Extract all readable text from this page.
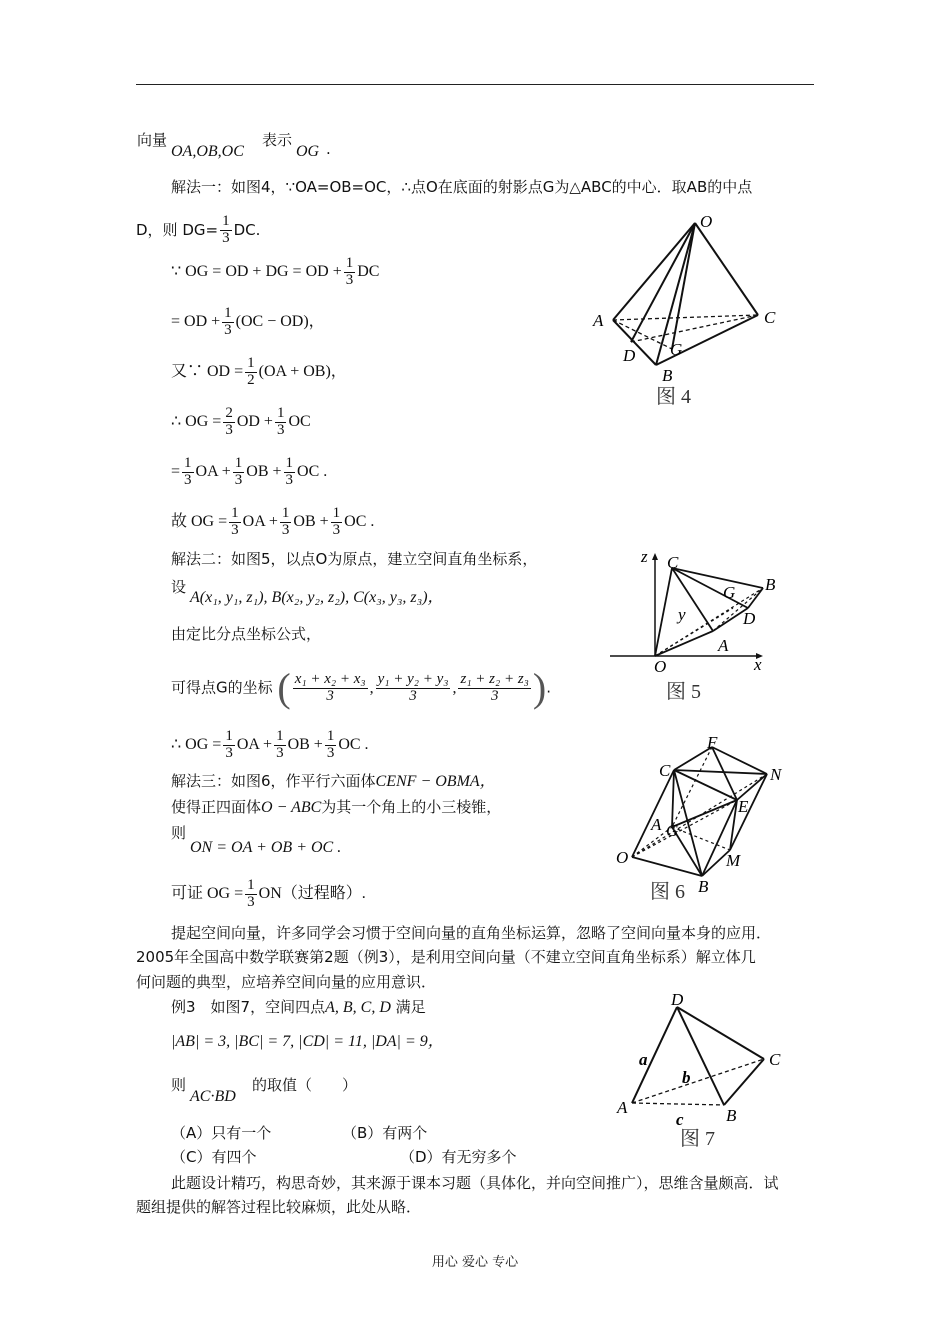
向量
OA,OB,OC
表示
OG .
解法一：如图4，∵OA=OB=OC，∴点O在底面的射影点G为△ABC的中心．取AB的中点
D，则 $DG= \frac{1}{3}$ DC.
∵ OG = OD + DG = OD + $\frac{1}{3}$ DC
= OD + $\frac{1}{3} (OC - OD)$，
又∵ OD = $\frac{1}{2} (OA + OB)$，
∴ OG = $\frac{2}{3}$ OD + $\frac{1}{3}$ OC
= $\frac{1}{3}$ OA + $\frac{1}{3}$ OB + $\frac{1}{3}$ OC .
故 OG = $\frac{1}{3}$ OA + $\frac{1}{3}$ OB + $\frac{1}{3}$ OC .
解法二：如图5，以点O为原点，建立空间直角坐标系，
设
A(x₁, y₁, z₁), B(x₂, y₂, z₂), C(x₃, y₃, z₃)，
由定比分点坐标公式，
可得点G的坐标 ( $\frac{\text{x₁ + x₂ + x₃}}{3}$ , $\frac{\text{y₁ + y₂ + y₃}}{3}$ , $\frac{\text{z₁ + z₂ + z₃}}{3}$ ).
∴ OG = $\frac{1}{3}$ OA + $\frac{1}{3}$ OB + $\frac{1}{3}$ OC .
解法三：如图6，作平行六面体CENF − OBMA，
使得正四面体O − ABC为其一个角上的小三棱锥，
则
ON = OA + OB + OC .
可证 OG = $\frac{1}{3} ON$（过程略）.
提起空间向量，许多同学会习惯于空间向量的直角坐标运算，忽略了空间向量本身的应用．
2005年全国高中数学联赛第2题（例3），是利用空间向量（不建立空间直角坐标系）解立体几
何问题的典型，应培养空间向量的应用意识．
例3　如图7，空间四点A, B, C, D 满足
|AB| = 3, |BC| = 7, |CD| = 11, |DA| = 9，
则
AC·BD
的取值（　　）
（A）只有一个	（B）有两个
（C）有四个	（D）有无穷多个
此题设计精巧，构思奇妙，其来源于课本习题（具体化，并向空间推广），思维含量颇高．试
题组提供的解答过程比较麻烦，此处从略．
O
A	C
D G
B
图 4
z C
G B
D
y
A
O	x
图 5
F
C	N
E
A G
O	M
B
图 6
D
a
b
C
A
c B
图 7
用心 爱心 专心
